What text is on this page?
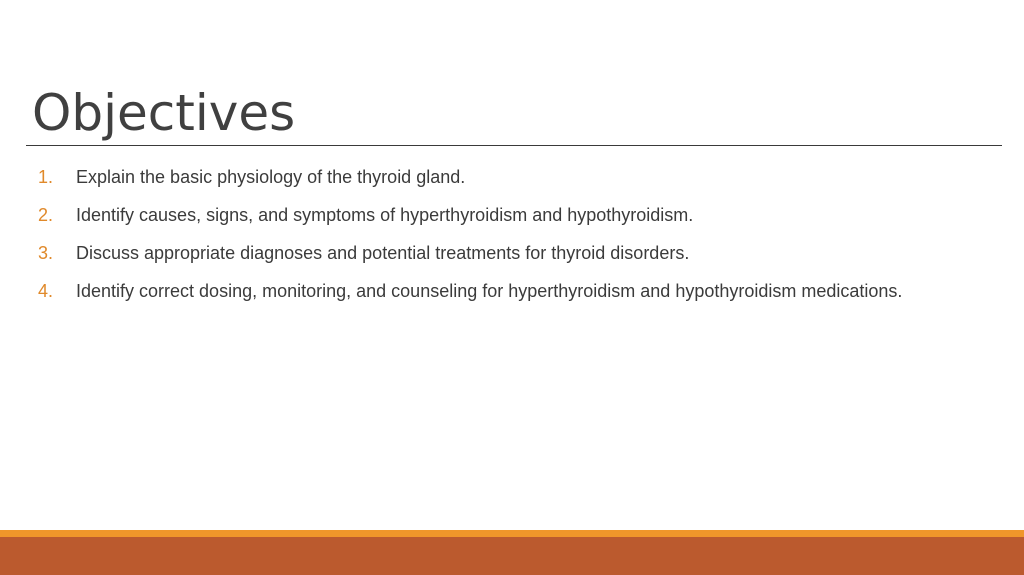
Objectives
1.	Explain the basic physiology of the thyroid gland.
2.	Identify causes, signs, and symptoms of hyperthyroidism and hypothyroidism.
3.	Discuss appropriate diagnoses and potential treatments for thyroid disorders.
4.	Identify correct dosing, monitoring, and counseling for hyperthyroidism and hypothyroidism medications.
